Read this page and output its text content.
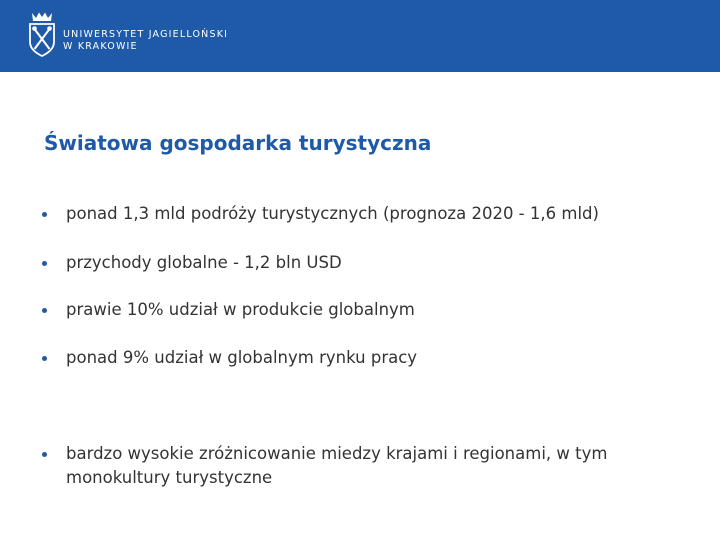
UNIWERSYTET JAGIELLOŃSKI
W KRAKOWIE
Światowa gospodarka turystyczna
ponad 1,3 mld podróży turystycznych (prognoza 2020 - 1,6 mld)
przychody globalne - 1,2 bln USD
prawie 10% udział w produkcie globalnym
ponad 9% udział w globalnym rynku pracy
bardzo wysokie zróżnicowanie miedzy krajami i regionami, w tym monokultury turystyczne
